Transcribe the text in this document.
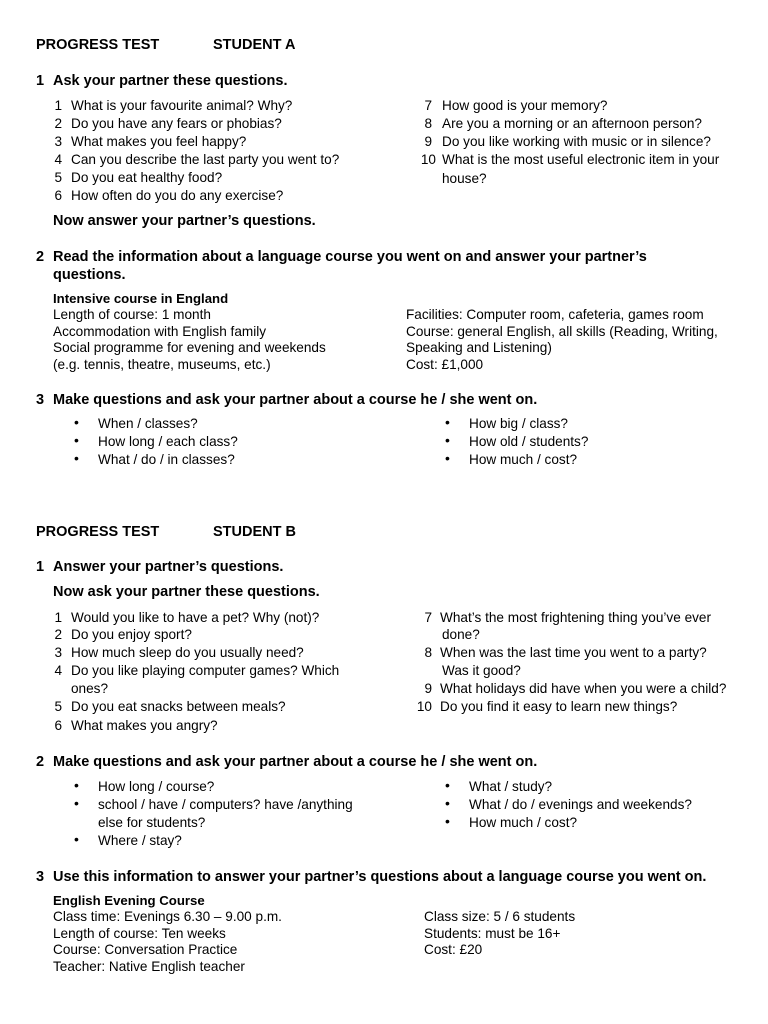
PROGRESS TEST	STUDENT A
1 Ask your partner these questions.
1 What is your favourite animal? Why?
2 Do you have any fears or phobias?
3 What makes you feel happy?
4 Can you describe the last party you went to?
5 Do you eat healthy food?
6 How often do you do any exercise?
7 How good is your memory?
8 Are you a morning or an afternoon person?
9 Do you like working with music or in silence?
10 What is the most useful electronic item in your
house?
Now answer your partner’s questions.
2 Read the information about a language course you went on and answer your partner’s
questions.
Intensive course in England
Length of course: 1 month
Accommodation with English family
Social programme for evening and weekends
(e.g. tennis, theatre, museums, etc.)
Facilities: Computer room, cafeteria, games room
Course: general English, all skills (Reading, Writing,
Speaking and Listening)
Cost: £1,000
3 Make questions and ask your partner about a course he / she went on.
• When / classes?
• How long / each class?
• What / do / in classes?
• How big / class?
• How old / students?
• How much / cost?
PROGRESS TEST	STUDENT B
1 Answer your partner’s questions.
Now ask your partner these questions.
1 Would you like to have a pet? Why (not)?
2 Do you enjoy sport?
3 How much sleep do you usually need?
4 Do you like playing computer games? Which
ones?
5 Do you eat snacks between meals?
6 What makes you angry?
7 What’s the most frightening thing you’ve ever
done?
8 When was the last time you went to a party?
Was it good?
9 What holidays did have when you were a child?
10 Do you find it easy to learn new things?
2 Make questions and ask your partner about a course he / she went on.
• How long / course?
• school / have / computers? have /anything
else for students?
• Where / stay?
• What / study?
• What / do / evenings and weekends?
• How much / cost?
3 Use this information to answer your partner’s questions about a language course you went on.
English Evening Course
Class time: Evenings 6.30 – 9.00 p.m.
Length of course: Ten weeks
Course: Conversation Practice
Teacher: Native English teacher
Class size: 5 / 6 students
Students: must be 16+
Cost: £20
